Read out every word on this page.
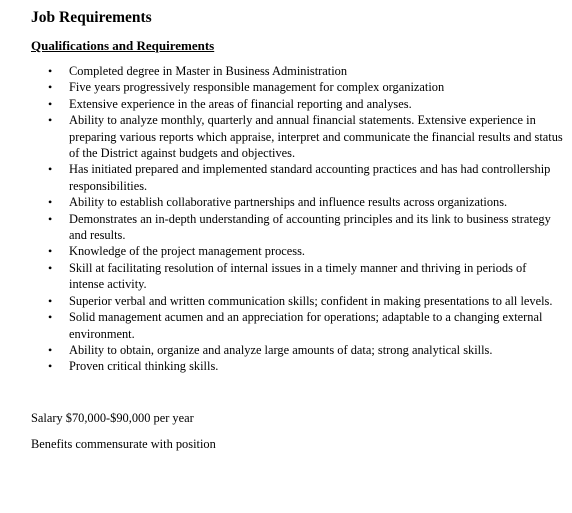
Job Requirements
Qualifications and Requirements
• Completed degree in Master in Business Administration
• Five years progressively responsible management for complex organization
• Extensive experience in the areas of financial reporting and analyses.
• Ability to analyze monthly, quarterly and annual financial statements. Extensive experience in preparing various reports which appraise, interpret and communicate the financial results and status of the District against budgets and objectives.
• Has initiated prepared and implemented standard accounting practices and has had controllership responsibilities.
• Ability to establish collaborative partnerships and influence results across organizations.
• Demonstrates an in-depth understanding of accounting principles and its link to business strategy and results.
• Knowledge of the project management process.
• Skill at facilitating resolution of internal issues in a timely manner and thriving in periods of intense activity.
• Superior verbal and written communication skills; confident in making presentations to all levels.
• Solid management acumen and an appreciation for operations; adaptable to a changing external environment.
• Ability to obtain, organize and analyze large amounts of data; strong analytical skills.
• Proven critical thinking skills.

Salary $70,000-$90,000 per year

Benefits commensurate with position
